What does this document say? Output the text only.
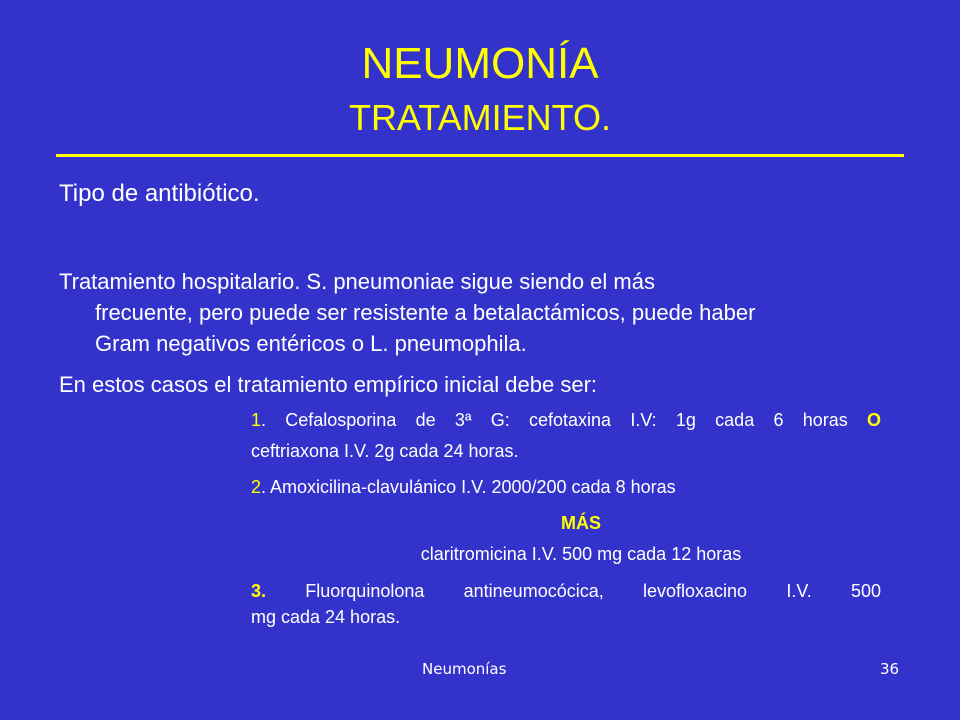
NEUMONÍA
TRATAMIENTO.
Tipo de antibiótico.
Tratamiento hospitalario. S. pneumoniae sigue siendo el más
frecuente, pero puede ser resistente a betalactámicos, puede haber
Gram negativos entéricos o L. pneumophila.
En estos casos el tratamiento empírico inicial debe ser:
1. Cefalosporina de 3ª G: cefotaxina I.V: 1g cada 6 horas O
ceftriaxona I.V. 2g cada 24 horas.
2. Amoxicilina-clavulánico I.V. 2000/200 cada 8 horas
MÁS
claritromicina I.V. 500 mg cada 12 horas
3. Fluorquinolona antineumocócica, levofloxacino I.V. 500
mg cada 24 horas.
Neumonías	36
